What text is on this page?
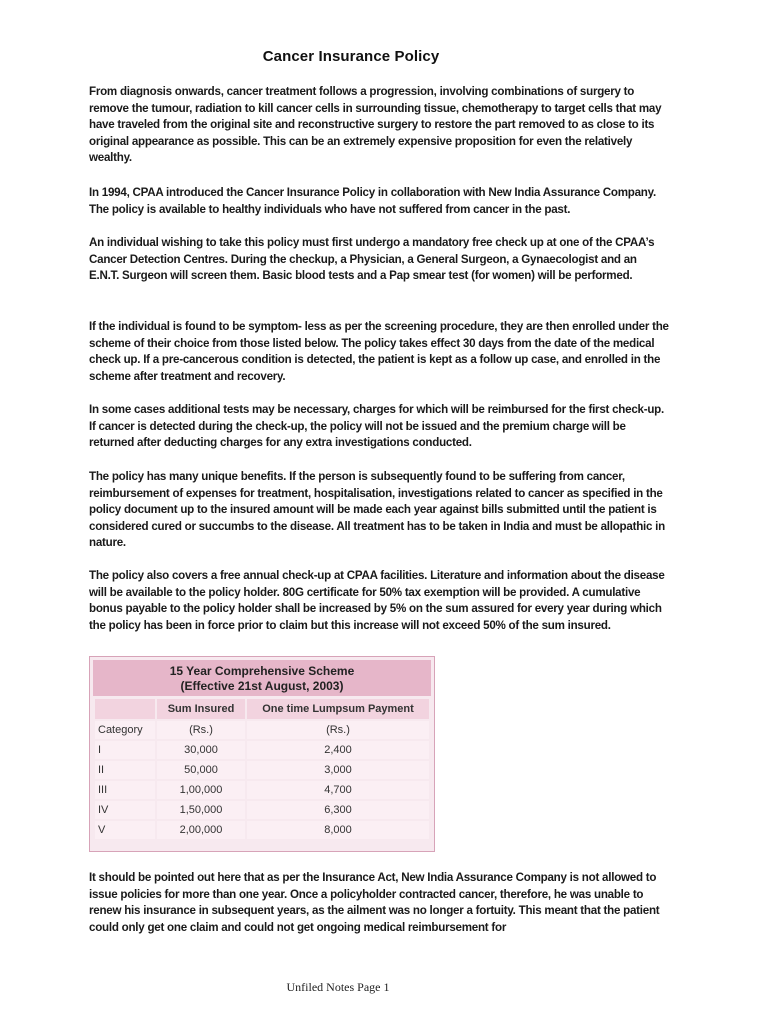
Cancer Insurance Policy
From diagnosis onwards, cancer treatment follows a progression, involving combinations of surgery to remove the tumour, radiation to kill cancer cells in surrounding tissue, chemotherapy to target cells that may have traveled from the original site and reconstructive surgery to restore the part removed to as close to its original appearance as possible. This can be an extremely expensive proposition for even the relatively wealthy.
In 1994, CPAA introduced the Cancer Insurance Policy in collaboration with New India Assurance Company. The policy is available to healthy individuals who have not suffered from cancer in the past.
An individual wishing to take this policy must first undergo a mandatory free check up at one of the CPAA’s Cancer Detection Centres. During the checkup, a Physician, a General Surgeon, a Gynaecologist and an E.N.T. Surgeon will screen them. Basic blood tests and a Pap smear test (for women) will be performed.
If the individual is found to be symptom- less as per the screening procedure, they are then enrolled under the scheme of their choice from those listed below. The policy takes effect 30 days from the date of the medical check up. If a pre-cancerous condition is detected, the patient is kept as a follow up case, and enrolled in the scheme after treatment and recovery.
In some cases additional tests may be necessary, charges for which will be reimbursed for the first check-up. If cancer is detected during the check-up, the policy will not be issued and the premium charge will be returned after deducting charges for any extra investigations conducted.
The policy has many unique benefits. If the person is subsequently found to be suffering from cancer, reimbursement of expenses for treatment, hospitalisation, investigations related to cancer as specified in the policy document up to the insured amount will be made each year against bills submitted until the patient is considered cured or succumbs to the disease. All treatment has to be taken in India and must be allopathic in nature.
The policy also covers a free annual check-up at CPAA facilities. Literature and information about the disease will be available to the policy holder. 80G certificate for 50% tax exemption will be provided. A cumulative bonus payable to the policy holder shall be increased by 5% on the sum assured for every year during which the policy has been in force prior to claim but this increase will not exceed 50% of the sum insured.
15 Year Comprehensive Scheme
(Effective 21st August, 2003)
	Sum Insured	One time Lumpsum Payment
Category	(Rs.)	(Rs.)
I	30,000	2,400
II	50,000	3,000
III	1,00,000	4,700
IV	1,50,000	6,300
V	2,00,000	8,000
It should be pointed out here that as per the Insurance Act, New India Assurance Company is not allowed to issue policies for more than one year. Once a policyholder contracted cancer, therefore, he was unable to renew his insurance in subsequent years, as the ailment was no longer a fortuity. This meant that the patient could only get one claim and could not get ongoing medical reimbursement for
Unfiled Notes Page 1
